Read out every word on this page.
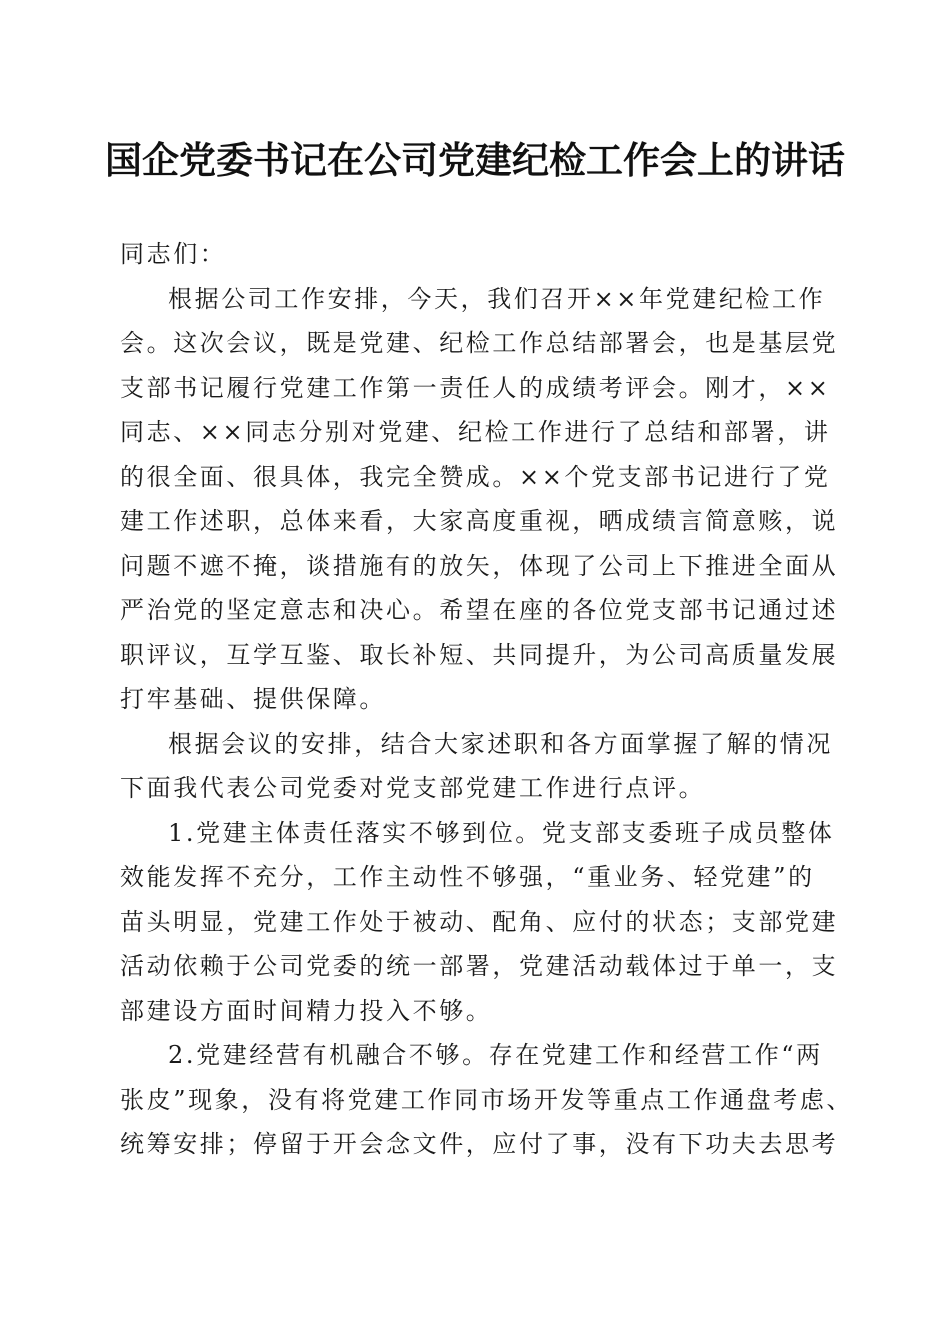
国企党委书记在公司党建纪检工作会上的讲话
同志们：
根据公司工作安排，今天，我们召开××年党建纪检工作
会。这次会议，既是党建、纪检工作总结部署会，也是基层党
支部书记履行党建工作第一责任人的成绩考评会。刚才，××
同志、××同志分别对党建、纪检工作进行了总结和部署，讲
的很全面、很具体，我完全赞成。××个党支部书记进行了党
建工作述职，总体来看，大家高度重视，晒成绩言简意赅，说
问题不遮不掩，谈措施有的放矢，体现了公司上下推进全面从
严治党的坚定意志和决心。希望在座的各位党支部书记通过述
职评议，互学互鉴、取长补短、共同提升，为公司高质量发展
打牢基础、提供保障。
根据会议的安排，结合大家述职和各方面掌握了解的情况
下面我代表公司党委对党支部党建工作进行点评。
1.党建主体责任落实不够到位。党支部支委班子成员整体
效能发挥不充分，工作主动性不够强，“重业务、轻党建”的
苗头明显，党建工作处于被动、配角、应付的状态；支部党建
活动依赖于公司党委的统一部署，党建活动载体过于单一，支
部建设方面时间精力投入不够。
2.党建经营有机融合不够。存在党建工作和经营工作“两
张皮”现象，没有将党建工作同市场开发等重点工作通盘考虑、
统筹安排；停留于开会念文件，应付了事，没有下功夫去思考
